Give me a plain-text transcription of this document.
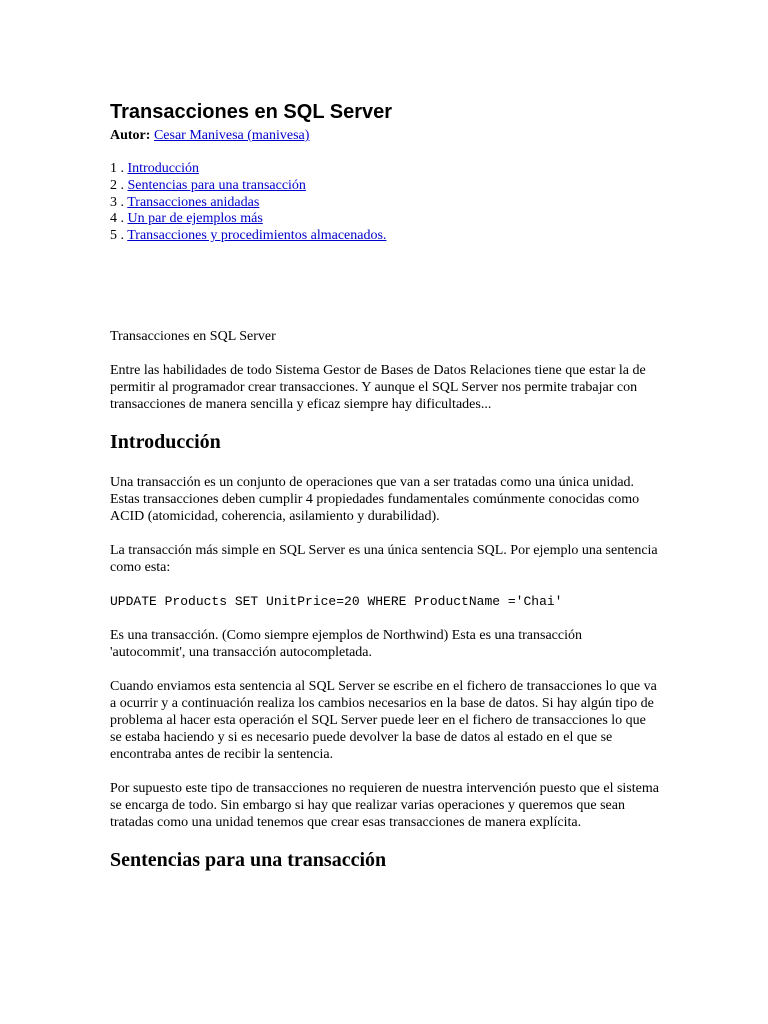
Transacciones en SQL Server
Autor: Cesar Manivesa (manivesa)
1 . Introducción
2 . Sentencias para una transacción
3 . Transacciones anidadas
4 . Un par de ejemplos más
5 . Transacciones y procedimientos almacenados.

Transacciones en SQL Server

Entre las habilidades de todo Sistema Gestor de Bases de Datos Relaciones tiene que estar la de permitir al programador crear transacciones. Y aunque el SQL Server nos permite trabajar con transacciones de manera sencilla y eficaz siempre hay dificultades...

Introducción

Una transacción es un conjunto de operaciones que van a ser tratadas como una única unidad. Estas transacciones deben cumplir 4 propiedades fundamentales comúnmente conocidas como ACID (atomicidad, coherencia, asilamiento y durabilidad).

La transacción más simple en SQL Server es una única sentencia SQL. Por ejemplo una sentencia como esta:

UPDATE Products SET UnitPrice=20 WHERE ProductName ='Chai'

Es una transacción. (Como siempre ejemplos de Northwind) Esta es una transacción 'autocommit', una transacción autocompletada.

Cuando enviamos esta sentencia al SQL Server se escribe en el fichero de transacciones lo que va a ocurrir y a continuación realiza los cambios necesarios en la base de datos. Si hay algún tipo de problema al hacer esta operación el SQL Server puede leer en el fichero de transacciones lo que se estaba haciendo y si es necesario puede devolver la base de datos al estado en el que se encontraba antes de recibir la sentencia.

Por supuesto este tipo de transacciones no requieren de nuestra intervención puesto que el sistema se encarga de todo. Sin embargo si hay que realizar varias operaciones y queremos que sean tratadas como una unidad tenemos que crear esas transacciones de manera explícita.

Sentencias para una transacción
